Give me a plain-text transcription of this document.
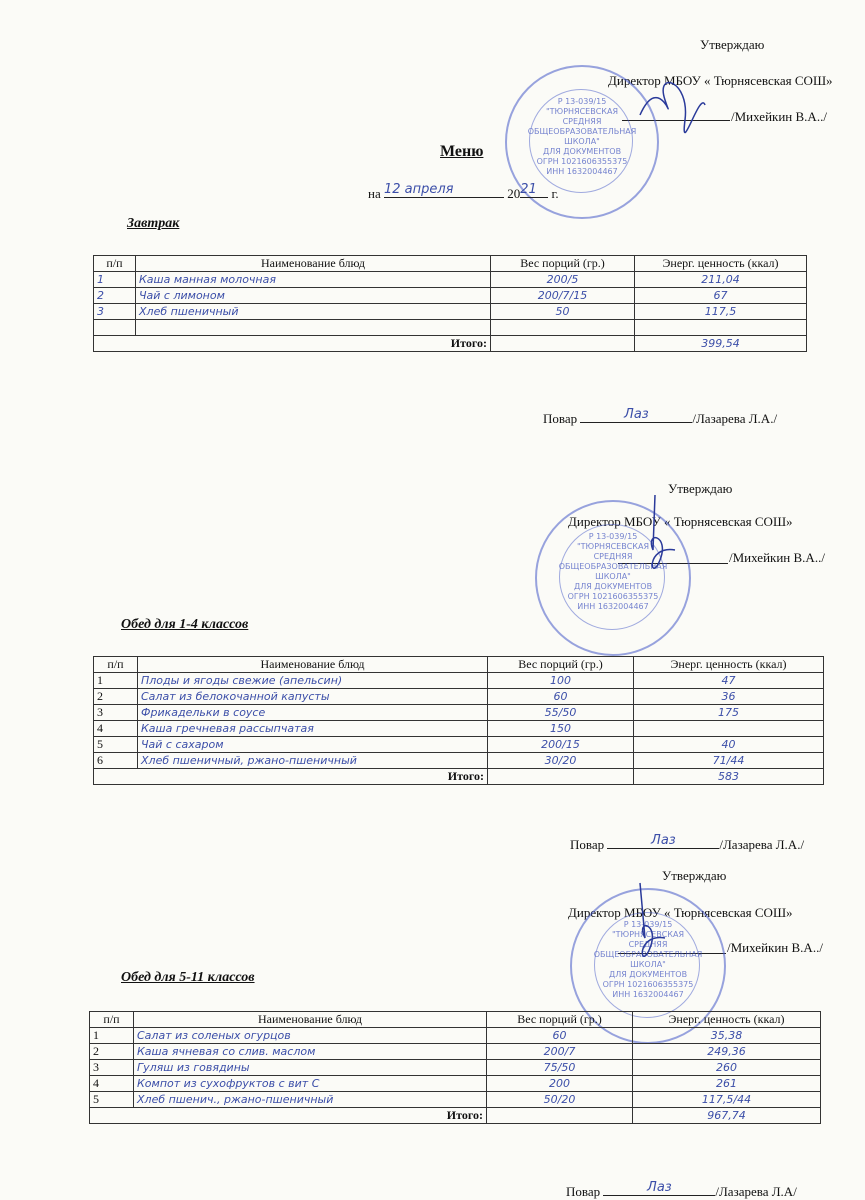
Утверждаю
Директор МБОУ « Тюрнясевская СОШ»
/Михейкин В.А../
Р 13-039/15
"ТЮРНЯСЕВСКАЯ
СРЕДНЯЯ
ОБЩЕОБРАЗОВАТЕЛЬНАЯ
ШКОЛА"
ДЛЯ ДОКУМЕНТОВ
ОГРН 1021606355375
ИНН 1632004467
Меню
на 12 апреля	2021 г.
Завтрак
п/п	Наименование блюд	Вес порций (гр.)	Энерг. ценность (ккал)
1	Каша манная молочная	200/5	211,04
2	Чай с лимоном	200/7/15	67
3	Хлеб пшеничный	50	117,5

Итого:			399,54
Повар	Лаз	/Лазарева Л.А./
Утверждаю
Директор МБОУ « Тюрнясевская СОШ»
/Михейкин В.А../
Р 13-039/15
"ТЮРНЯСЕВСКАЯ
СРЕДНЯЯ
ОБЩЕОБРАЗОВАТЕЛЬНАЯ
ШКОЛА"
ДЛЯ ДОКУМЕНТОВ
ОГРН 1021606355375
ИНН 1632004467
Обед для 1-4 классов
п/п	Наименование блюд	Вес порций (гр.)	Энерг. ценность (ккал)
1	Плоды и ягоды свежие (апельсин)	100	47
2	Салат из белокочанной капусты	60	36
3	Фрикадельки в соусе	55/50	175
4	Каша гречневая рассыпчатая	150	
5	Чай с сахаром	200/15	40
6	Хлеб пшеничный, ржано-пшеничный	30/20	71/44
Итого:			583
Повар	Лаз	/Лазарева Л.А./
Утверждаю
Директор МБОУ « Тюрнясевская СОШ»
/Михейкин В.А../
Р 13-039/15
"ТЮРНЯСЕВСКАЯ
СРЕДНЯЯ
ОБЩЕОБРАЗОВАТЕЛЬНАЯ
ШКОЛА"
ДЛЯ ДОКУМЕНТОВ
ОГРН 1021606355375
ИНН 1632004467
Обед для 5-11 классов
п/п	Наименование блюд	Вес порций (гр.)	Энерг. ценность (ккал)
1	Салат из соленых огурцов	60	35,38
2	Каша ячневая со слив. маслом	200/7	249,36
3	Гуляш из говядины	75/50	260
4	Компот из сухофруктов с вит С	200	261
5	Хлеб пшенич., ржано-пшеничный	50/20	117,5/44
Итого:			967,74
Повар	Лаз	/Лазарева Л.А/
